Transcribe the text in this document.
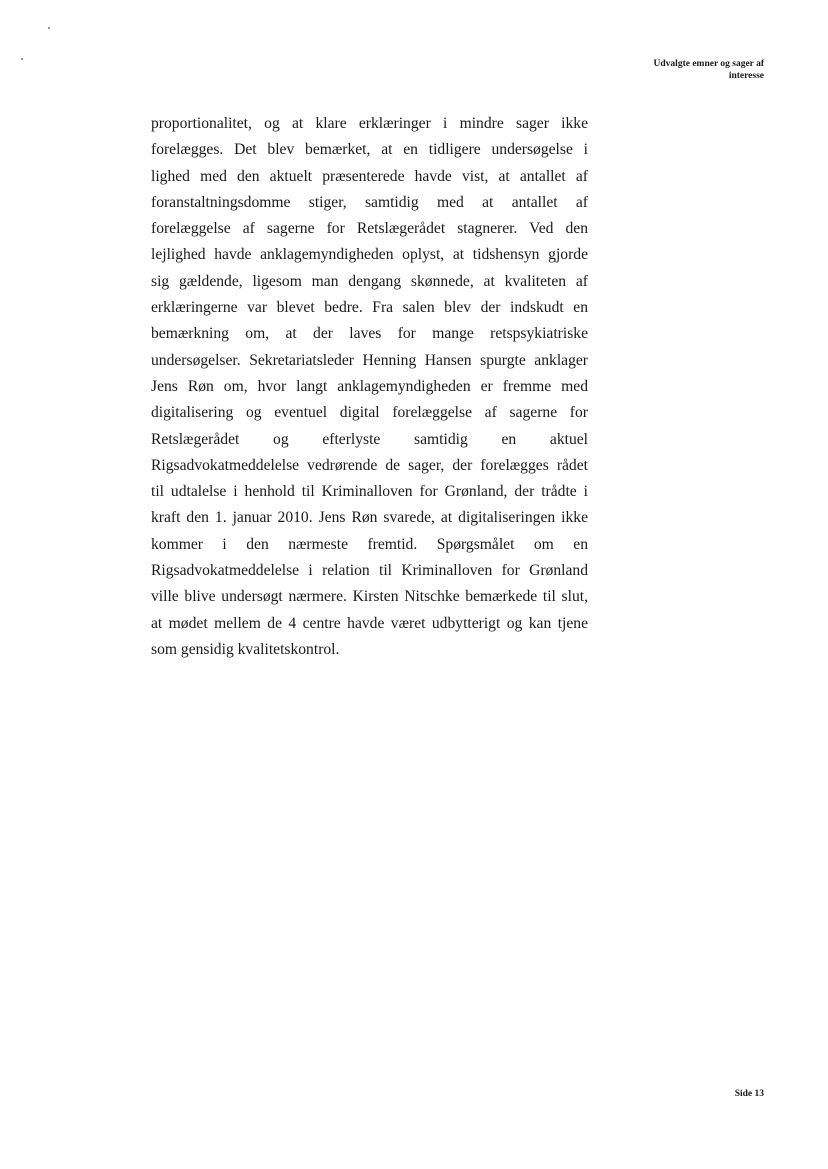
Udvalgte emner og sager af
interesse
proportionalitet, og at klare erklæringer i mindre sager ikke
forelægges. Det blev bemærket, at en tidligere undersøgelse i
lighed med den aktuelt præsenterede havde vist, at antallet af
foranstaltningsdomme stiger, samtidig med at antallet af
forelæggelse af sagerne for Retslægerådet stagnerer. Ved den
lejlighed havde anklagemyndigheden oplyst, at tidshensyn gjorde
sig gældende, ligesom man dengang skønnede, at kvaliteten af
erklæringerne var blevet bedre. Fra salen blev der indskudt en
bemærkning om, at der laves for mange retspsykiatriske
undersøgelser. Sekretariatsleder Henning Hansen spurgte anklager
Jens Røn om, hvor langt anklagemyndigheden er fremme med
digitalisering og eventuel digital forelæggelse af sagerne for
Retslægerådet og efterlyste samtidig en aktuel
Rigsadvokatmeddelelse vedrørende de sager, der forelægges rådet
til udtalelse i henhold til Kriminalloven for Grønland, der trådte i
kraft den 1. januar 2010. Jens Røn svarede, at digitaliseringen ikke
kommer i den nærmeste fremtid. Spørgsmålet om en
Rigsadvokatmeddelelse i relation til Kriminalloven for Grønland
ville blive undersøgt nærmere. Kirsten Nitschke bemærkede til slut,
at mødet mellem de 4 centre havde været udbytterigt og kan tjene
som gensidig kvalitetskontrol.
Side 13
